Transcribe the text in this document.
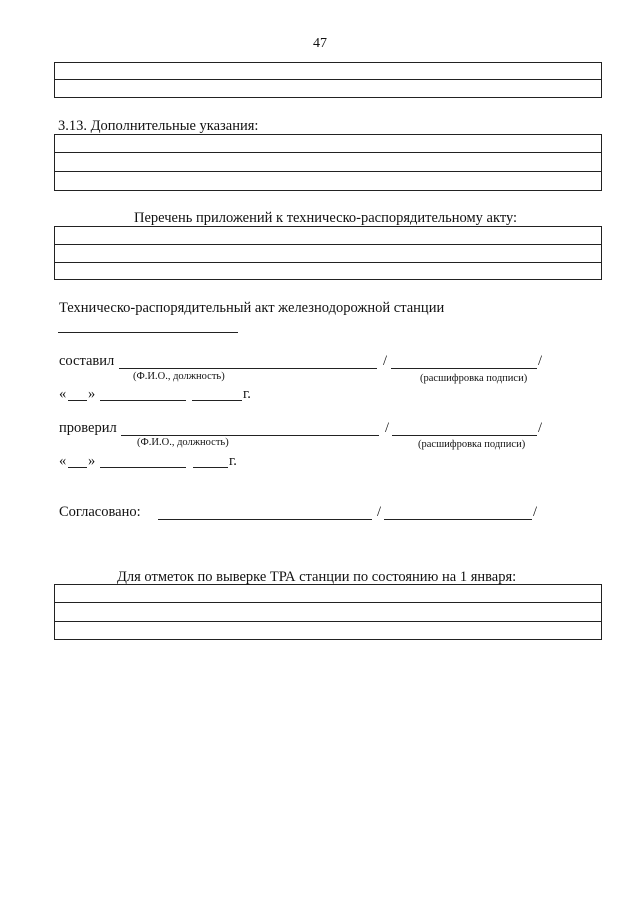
47
3.13. Дополнительные указания:
Перечень приложений к техническо-распорядительному акту:
Техническо-распорядительный акт железнодорожной станции
составил	/	/
(Ф.И.О., должность)	(расшифровка подписи)
« »	г.
проверил	/	/
(Ф.И.О., должность)	(расшифровка подписи)
« »	г.
Согласовано:	/	/
Для отметок по выверке ТРА станции по состоянию на 1 января:
